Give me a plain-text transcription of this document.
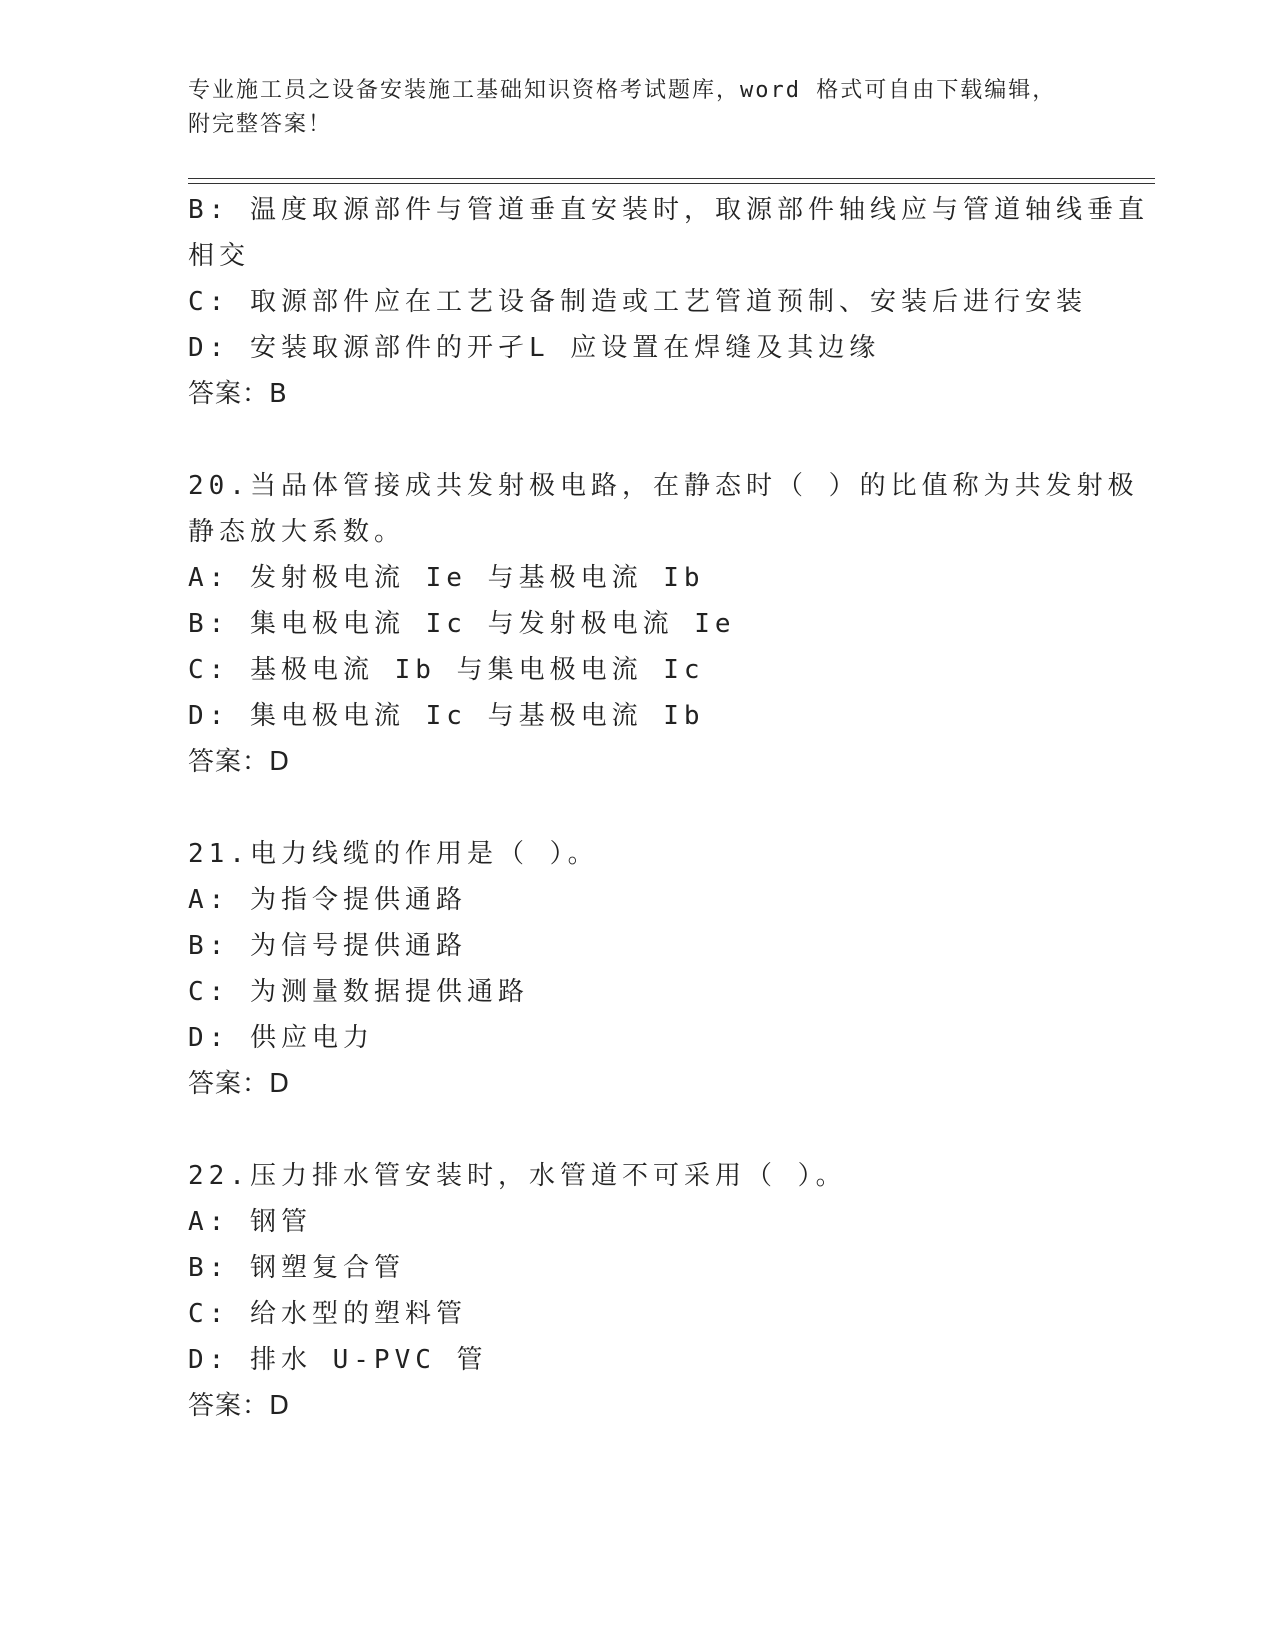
专业施工员之设备安装施工基础知识资格考试题库，word 格式可自由下载编辑，
附完整答案！
B: 温度取源部件与管道垂直安装时，取源部件轴线应与管道轴线垂直
相交
C: 取源部件应在工艺设备制造或工艺管道预制、安装后进行安装
D: 安装取源部件的开孑L 应设置在焊缝及其边缘
答案：B
20.当品体管接成共发射极电路，在静态时（ ）的比值称为共发射极
静态放大系数。
A: 发射极电流 Ie 与基极电流 Ib
B: 集电极电流 Ic 与发射极电流 Ie
C: 基极电流 Ib 与集电极电流 Ic
D: 集电极电流 Ic 与基极电流 Ib
答案：D
21.电力线缆的作用是（ ）。
A: 为指令提供通路
B: 为信号提供通路
C: 为测量数据提供通路
D: 供应电力
答案：D
22.压力排水管安装时，水管道不可采用（ ）。
A: 钢管
B: 钢塑复合管
C: 给水型的塑料管
D: 排水 U-PVC 管
答案：D
